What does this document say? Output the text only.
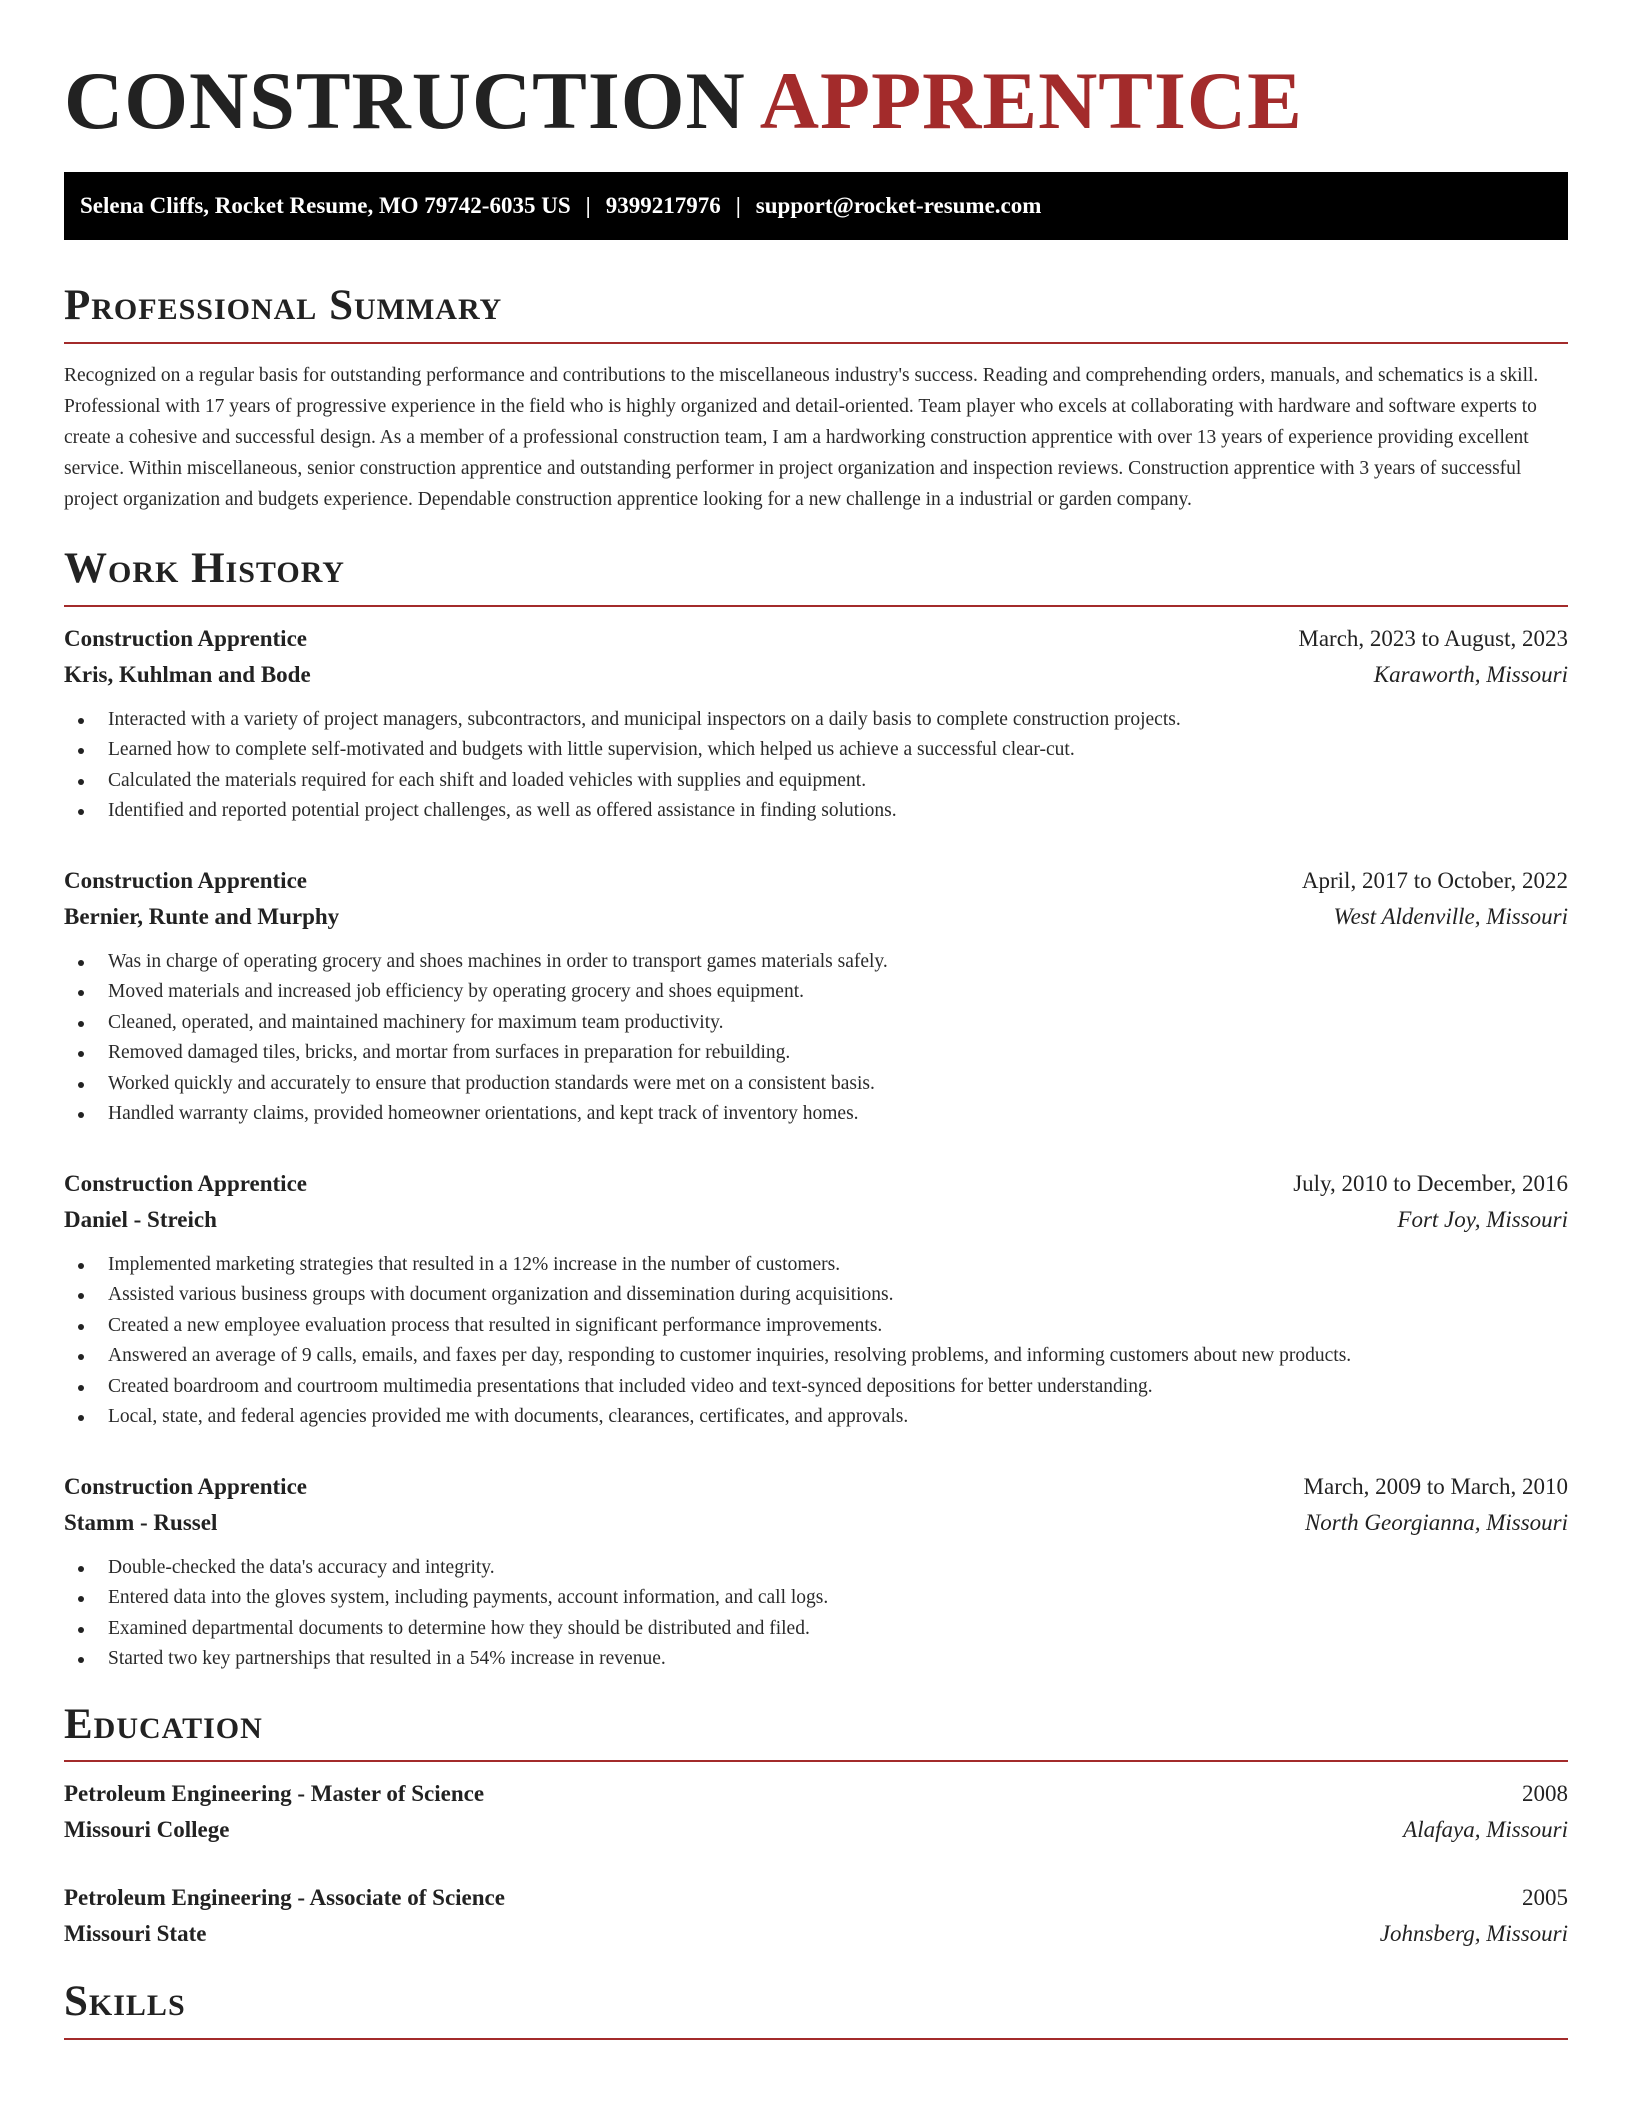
CONSTRUCTION APPRENTICE
Selena Cliffs, Rocket Resume, MO 79742-6035 US | 9399217976 | support@rocket-resume.com
Professional Summary

Recognized on a regular basis for outstanding performance and contributions to the miscellaneous industry's success. Reading and comprehending orders, manuals, and schematics is a skill. Professional with 17 years of progressive experience in the field who is highly organized and detail-oriented. Team player who excels at collaborating with hardware and software experts to create a cohesive and successful design. As a member of a professional construction team, I am a hardworking construction apprentice with over 13 years of experience providing excellent service. Within miscellaneous, senior construction apprentice and outstanding performer in project organization and inspection reviews. Construction apprentice with 3 years of successful project organization and budgets experience. Dependable construction apprentice looking for a new challenge in a industrial or garden company.

Work History
Construction Apprentice	March, 2023 to August, 2023
Kris, Kuhlman and Bode	Karaworth, Missouri
Interacted with a variety of project managers, subcontractors, and municipal inspectors on a daily basis to complete construction projects.
Learned how to complete self-motivated and budgets with little supervision, which helped us achieve a successful clear-cut.
Calculated the materials required for each shift and loaded vehicles with supplies and equipment.
Identified and reported potential project challenges, as well as offered assistance in finding solutions.
Construction Apprentice	April, 2017 to October, 2022
Bernier, Runte and Murphy	West Aldenville, Missouri
Was in charge of operating grocery and shoes machines in order to transport games materials safely.
Moved materials and increased job efficiency by operating grocery and shoes equipment.
Cleaned, operated, and maintained machinery for maximum team productivity.
Removed damaged tiles, bricks, and mortar from surfaces in preparation for rebuilding.
Worked quickly and accurately to ensure that production standards were met on a consistent basis.
Handled warranty claims, provided homeowner orientations, and kept track of inventory homes.
Construction Apprentice	July, 2010 to December, 2016
Daniel - Streich	Fort Joy, Missouri
Implemented marketing strategies that resulted in a 12% increase in the number of customers.
Assisted various business groups with document organization and dissemination during acquisitions.
Created a new employee evaluation process that resulted in significant performance improvements.
Answered an average of 9 calls, emails, and faxes per day, responding to customer inquiries, resolving problems, and informing customers about new products.
Created boardroom and courtroom multimedia presentations that included video and text-synced depositions for better understanding.
Local, state, and federal agencies provided me with documents, clearances, certificates, and approvals.
Construction Apprentice	March, 2009 to March, 2010
Stamm - Russel	North Georgianna, Missouri
Double-checked the data's accuracy and integrity.
Entered data into the gloves system, including payments, account information, and call logs.
Examined departmental documents to determine how they should be distributed and filed.
Started two key partnerships that resulted in a 54% increase in revenue.
Education
Petroleum Engineering - Master of Science	2008
Missouri College	Alafaya, Missouri
Petroleum Engineering - Associate of Science	2005
Missouri State	Johnsberg, Missouri
Skills
